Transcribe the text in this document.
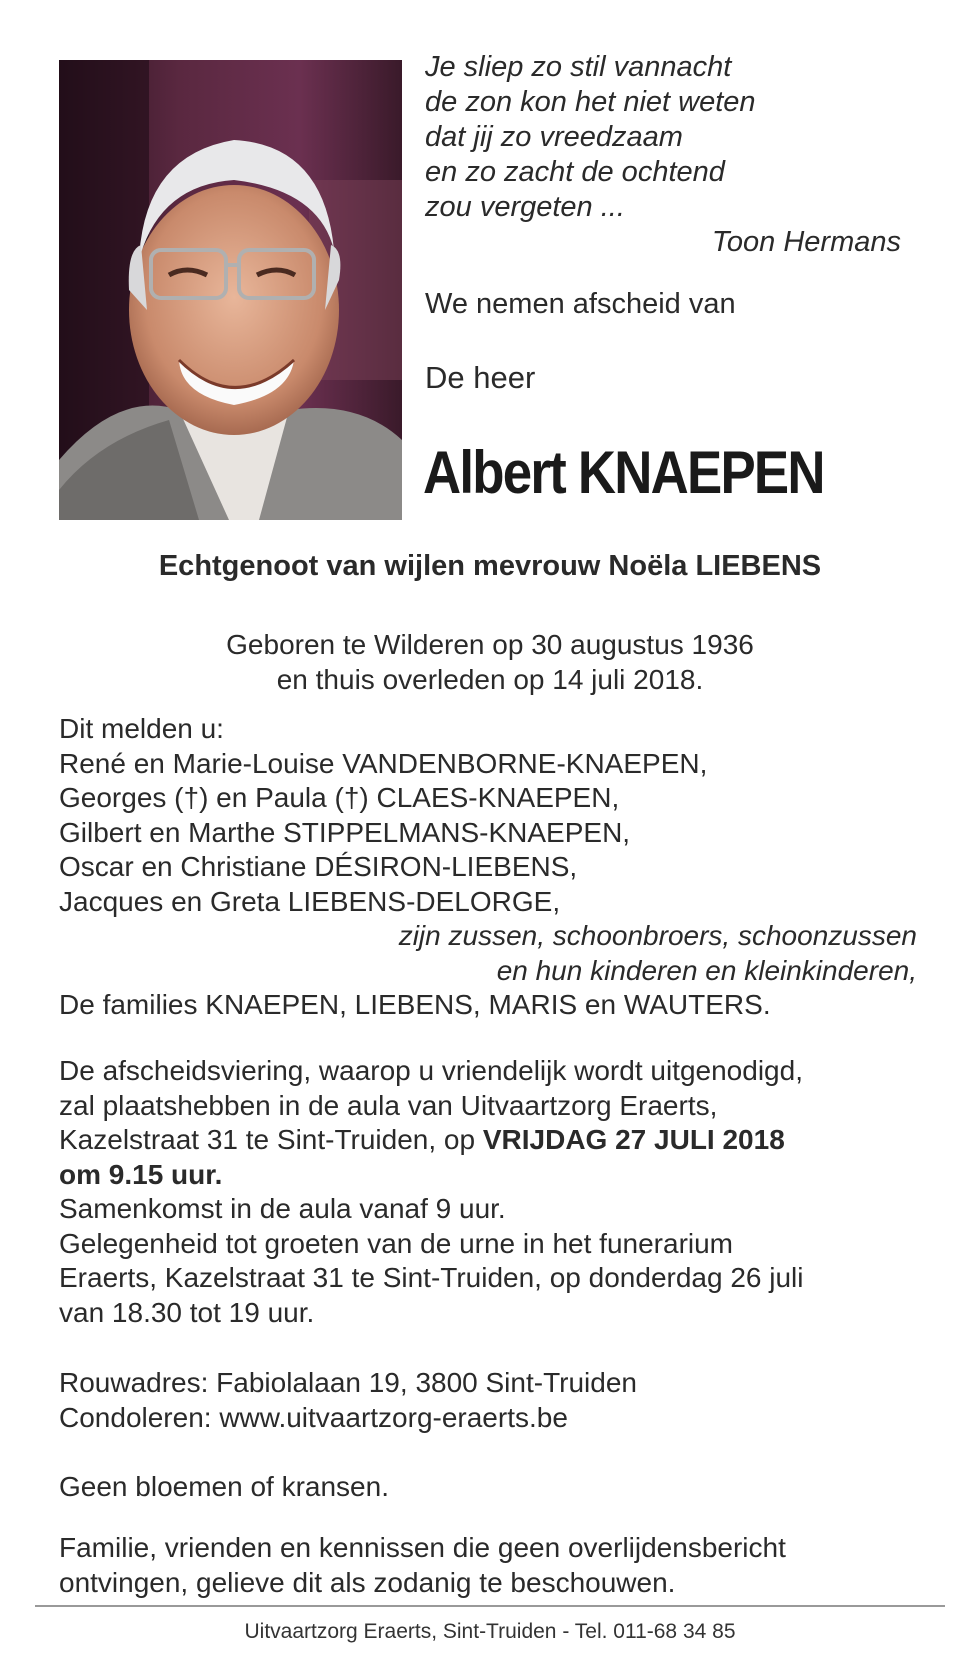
Je sliep zo stil vannacht
de zon kon het niet weten
dat jij zo vreedzaam
en zo zacht de ochtend
zou vergeten ...
Toon Hermans
We nemen afscheid van
De heer
Albert KNAEPEN
Echtgenoot van wijlen mevrouw Noëla LIEBENS
Geboren te Wilderen op 30 augustus 1936
en thuis overleden op 14 juli 2018.
Dit melden u:
René en Marie-Louise VANDENBORNE-KNAEPEN,
Georges (†) en Paula (†) CLAES-KNAEPEN,
Gilbert en Marthe STIPPELMANS-KNAEPEN,
Oscar en Christiane DÉSIRON-LIEBENS,
Jacques en Greta LIEBENS-DELORGE,
zijn zussen, schoonbroers, schoonzussen
en hun kinderen en kleinkinderen,
De families KNAEPEN, LIEBENS, MARIS en WAUTERS.
De afscheidsviering, waarop u vriendelijk wordt uitgenodigd,
zal plaatshebben in de aula van Uitvaartzorg Eraerts,
Kazelstraat 31 te Sint-Truiden, op VRIJDAG 27 JULI 2018
om 9.15 uur.
Samenkomst in de aula vanaf 9 uur.
Gelegenheid tot groeten van de urne in het funerarium
Eraerts, Kazelstraat 31 te Sint-Truiden, op donderdag 26 juli
van 18.30 tot 19 uur.
Rouwadres: Fabiolalaan 19, 3800 Sint-Truiden
Condoleren: www.uitvaartzorg-eraerts.be
Geen bloemen of kransen.
Familie, vrienden en kennissen die geen overlijdensbericht
ontvingen, gelieve dit als zodanig te beschouwen.
Uitvaartzorg Eraerts, Sint-Truiden - Tel. 011-68 34 85
